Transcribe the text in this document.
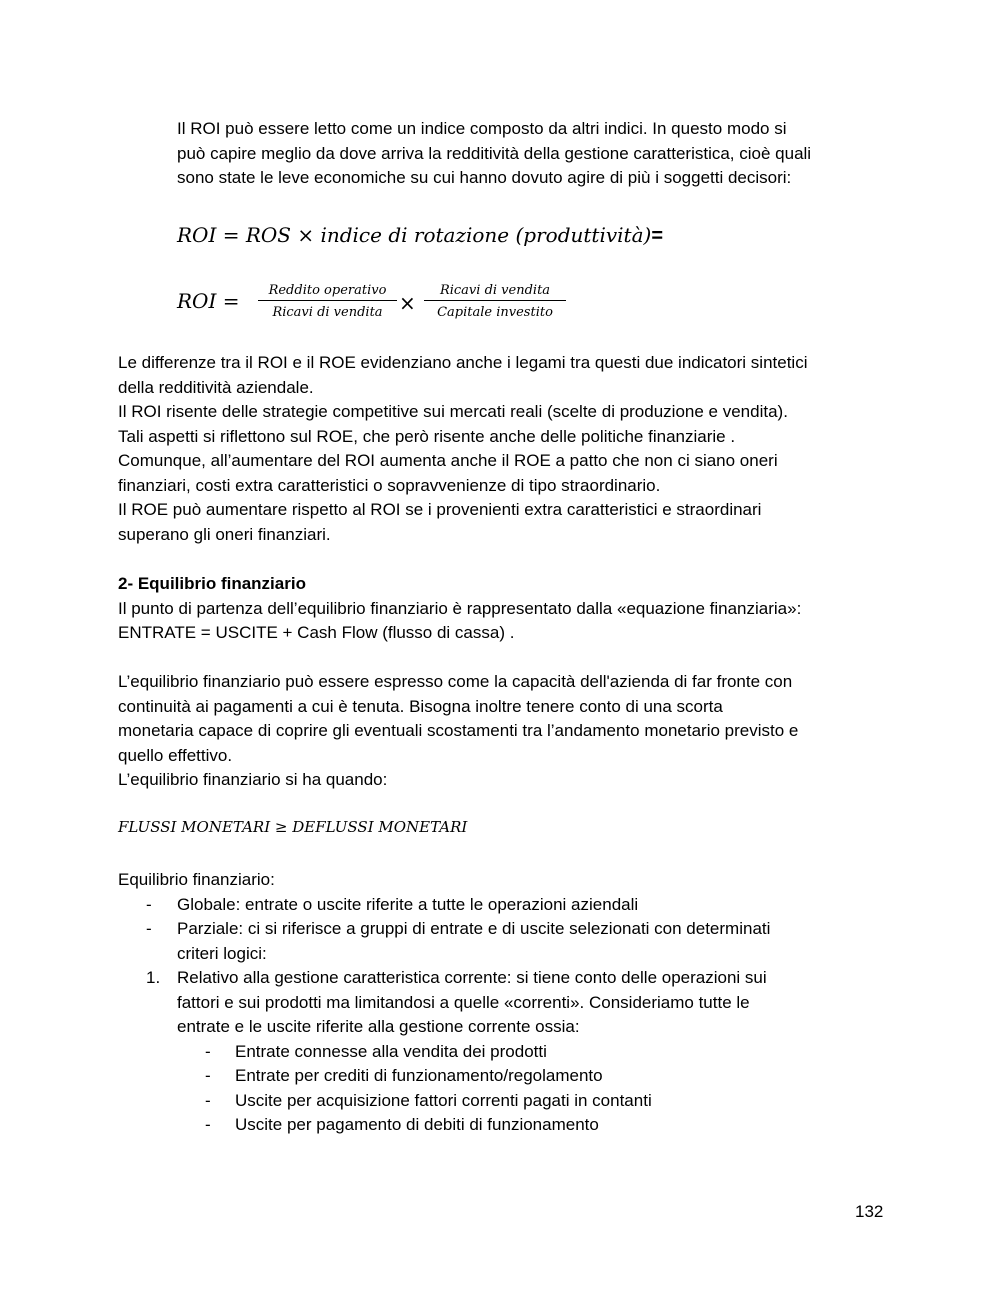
Il ROI può essere letto come un indice composto da altri indici. In questo modo si

può capire meglio da dove arriva la redditività della gestione caratteristica, cioè quali

sono state le leve economiche su cui hanno dovuto agire di più i soggetti decisori:

ROI = ROS × indice di rotazione (produttività)=
ROI =	Reddito operativo
Ricavi di vendita ×
Ricavi di vendita
Capitale investito

Le differenze tra il ROI e il ROE evidenziano anche i legami tra questi due indicatori sintetici

della redditività aziendale.

Il ROI risente delle strategie competitive sui mercati reali (scelte di produzione e vendita).

Tali aspetti si riflettono sul ROE, che però risente anche delle politiche finanziarie .

Comunque, all’aumentare del ROI aumenta anche il ROE a patto che non ci siano oneri

finanziari, costi extra caratteristici o sopravvenienze di tipo straordinario.

Il ROE può aumentare rispetto al ROI se i provenienti extra caratteristici e straordinari

superano gli oneri finanziari.

2- Equilibrio finanziario

Il punto di partenza dell’equilibrio finanziario è rappresentato dalla «equazione finanziaria»:

ENTRATE = USCITE + Cash Flow (flusso di cassa) .

L’equilibrio finanziario può essere espresso come la capacità dell'azienda di far fronte con

continuità ai pagamenti a cui è tenuta. Bisogna inoltre tenere conto di una scorta

monetaria capace di coprire gli eventuali scostamenti tra l’andamento monetario previsto e

quello effettivo.

L’equilibrio finanziario si ha quando:

FLUSSI MONETARI ≥ DEFLUSSI MONETARI
Equilibrio finanziario:
- Globale: entrate o uscite riferite a tutte le operazioni aziendali
- Parziale: ci si riferisce a gruppi di entrate e di uscite selezionati con determinati
criteri logici:
1. Relativo alla gestione caratteristica corrente: si tiene conto delle operazioni sui
fattori e sui prodotti ma limitandosi a quelle «correnti». Consideriamo tutte le
entrate e le uscite riferite alla gestione corrente ossia:
- Entrate connesse alla vendita dei prodotti
- Entrate per crediti di funzionamento/regolamento
- Uscite per acquisizione fattori correnti pagati in contanti
- Uscite per pagamento di debiti di funzionamento
132
